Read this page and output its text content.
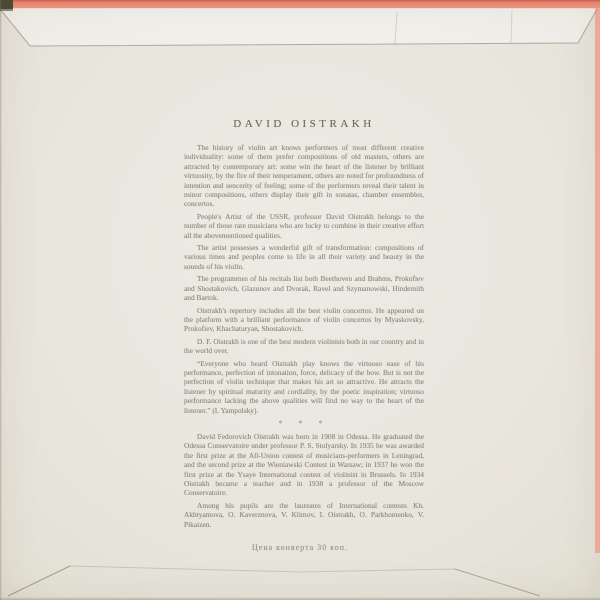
DAVID OISTRAKH

The history of violin art knows performers of most different creative individuality: some of them prefer compositions of old masters, others are attracted by contemporary art: some win the heart of the listener by brilliant virtuosity, by the fire of their temperament, others are noted for profoundness of intention and sencerity of feeling; some of the performers reveal their talent in minor compositions, others display their gift in sonatas, chamber ensembles, concertos.

People's Artist of the USSR, professor David Oistrakh belongs to the number of those rare musicians who are lucky to combine in their creative effort all the abovementioned qualities.

The artist possesses a wonderful gift of transformation: compositions of various times and peoples come to life in all their variety and beauty in the sounds of his violin.

The programmes of his recitals list both Beethoven and Brahms, Prokofiev and Shostakovich, Glazunov and Dvorak, Ravel and Szymanowski, Hindemith and Bartok.

Oistrakh's repertory includes all the best violin concertos. He appeared on the platform with a brilliant performance of violin concertos by Myaskovsky, Prokofiev, Khachaturyan, Shostakovich.

D. F. Oistrakh is one of the best modern violinists both in our country and in the world over.

“Everyone who heard Oistrakh play knows the virtuoso ease of his performance, perfection of intonation, force, delicacy of the bow. But is not the perfection of violin technique that makes his art so attractive. He attracts the listener by spiritual maturity and cordiality, by the poetic inspiration; virtuoso performance lacking the above qualities will find no way to the heart of the listener.” (I. Yampolsky).

* * *

David Fedorovich Oistrakh was born in 1908 in Odessa. He graduated the Odessa Conservatoire under professor P. S. Stolyarsky. In 1935 he was awarded the first prize at the All-Union contest of musicians-performers in Leningrad, and the second prize at the Wieniawski Contest in Warsaw; in 1937 he won the first prize at the Ysaye International contest of violinist in Brussels. In 1934 Oistrakh became a teacher and in 1938 a professor of the Moscow Conservatoire.

Among his pupils are the laureates of International contests Kh. Akhtyamova, O. Kaverznova, V. Klimov, I. Oistrakh, O. Parkhomenko, V. Pikaizen.

Цена конверта 30 коп.
